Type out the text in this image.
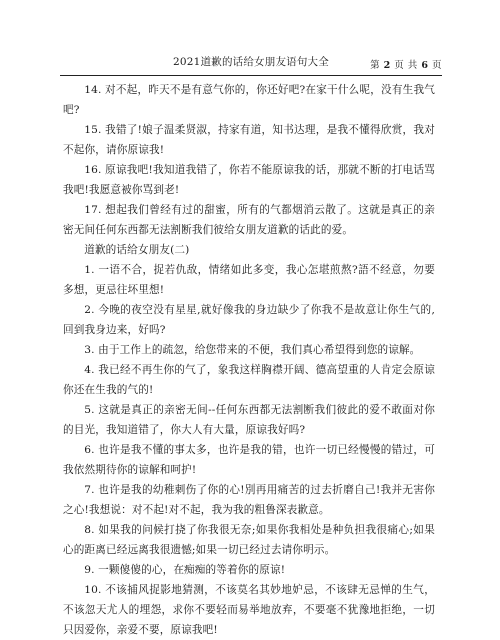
2021道歉的话给女朋友语句大全	第 2 页 共 6 页

14. 对不起，昨天不是有意气你的，你还好吧?在家干什么呢，没有生我气吧?

15. 我错了!娘子温柔贤淑，持家有道，知书达理，是我不懂得欣赏，我对不起你，请你原谅我!

16. 原谅我吧!我知道我错了，你若不能原谅我的话，那就不断的打电话骂我吧!我愿意被你骂到老!

17. 想起我们曾经有过的甜蜜，所有的气都烟消云散了。这就是真正的亲密无间任何东西都无法割断我们彼给女朋友道歉的话此的爱。

道歉的话给女朋友(二)

1. 一语不合，捉若仇敌，情绪如此多变，我心怎堪煎熬?語不经意，勿要多想，更忌往坏里想!

2. 今晚的夜空没有星星,就好像我的身边缺少了你我不是故意让你生气的,回到我身边来，好吗?

3. 由于工作上的疏忽，给您带来的不便，我们真心希望得到您的谅解。

4. 我已经不再生你的气了，象我这样胸襟开阔、德高望重的人肯定会原谅你还在生我的气的!

5. 这就是真正的亲密无间--任何东西都无法割断我们彼此的爱不敢面对你的目光，我知道错了，你大人有大量，原谅我好吗?

6. 也许是我不懂的事太多，也许是我的错，也许一切已经慢慢的错过，可我依然期待你的谅解和呵护!

7. 也许是我的幼稚刺伤了你的心!別再用痛苦的过去折磨自己!我并无害你之心!我想说：对不起!对不起，我为我的粗鲁深表歉意。

8. 如果我的问候打挠了你我很无奈;如果你我相处是种负担我很痛心;如果心的距离已经远离我很遗憾;如果一切已经过去请你明示。

9. 一颗傻傻的心，在痴痴的等着你的原谅!

10. 不该捕风捉影地猜测，不该莫名其妙地妒忌，不该肆无忌惮的生气，不该忽天尤人的埋怨，求你不要轻而易举地放弃，不要毫不犹豫地拒绝，一切只因爱你，亲爱不要，原谅我吧!
